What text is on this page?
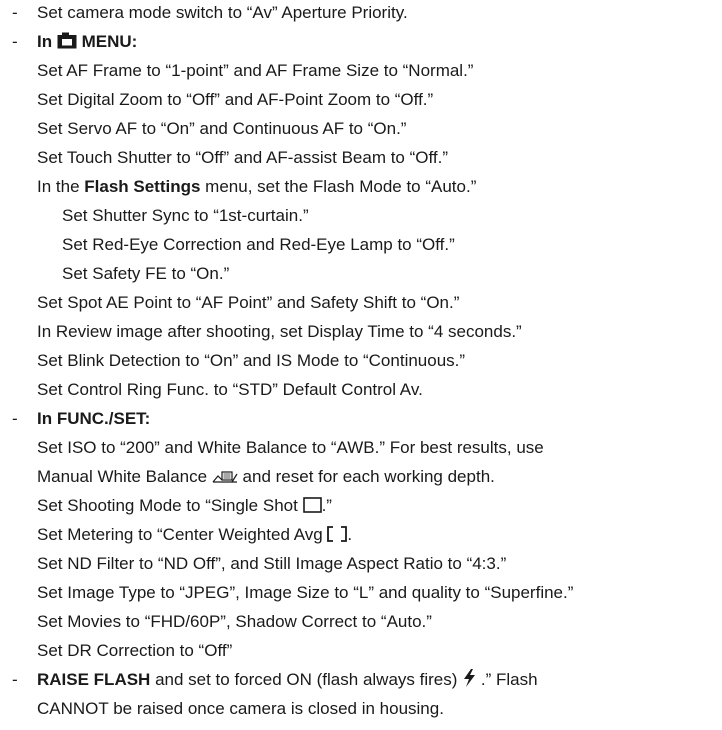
- Set camera mode switch to “Av” Aperture Priority.
- In  MENU:
Set AF Frame to “1-point” and AF Frame Size to “Normal.”
Set Digital Zoom to “Off” and AF-Point Zoom to “Off.”
Set Servo AF to “On” and Continuous AF to “On.”
Set Touch Shutter to “Off” and AF-assist Beam to “Off.”
In the Flash Settings menu, set the Flash Mode to “Auto.”
Set Shutter Sync to “1st-curtain.”
Set Red-Eye Correction and Red-Eye Lamp to “Off.”
Set Safety FE to “On.”
Set Spot AE Point to “AF Point” and Safety Shift to “On.”
In Review image after shooting, set Display Time to “4 seconds.”
Set Blink Detection to “On” and IS Mode to “Continuous.”
Set Control Ring Func. to “STD” Default Control Av.
- In FUNC./SET:
Set ISO to “200” and White Balance to “AWB.” For best results, use
Manual White Balance  and reset for each working depth.
Set Shooting Mode to “Single Shot .”
Set Metering to “Center Weighted Avg .
Set ND Filter to “ND Off”, and Still Image Aspect Ratio to “4:3.”
Set Image Type to “JPEG”, Image Size to “L” and quality to “Superfine.”
Set Movies to “FHD/60P”, Shadow Correct to “Auto.”
Set DR Correction to “Off”
- RAISE FLASH and set to forced ON (flash always fires)  .” Flash
CANNOT be raised once camera is closed in housing.
